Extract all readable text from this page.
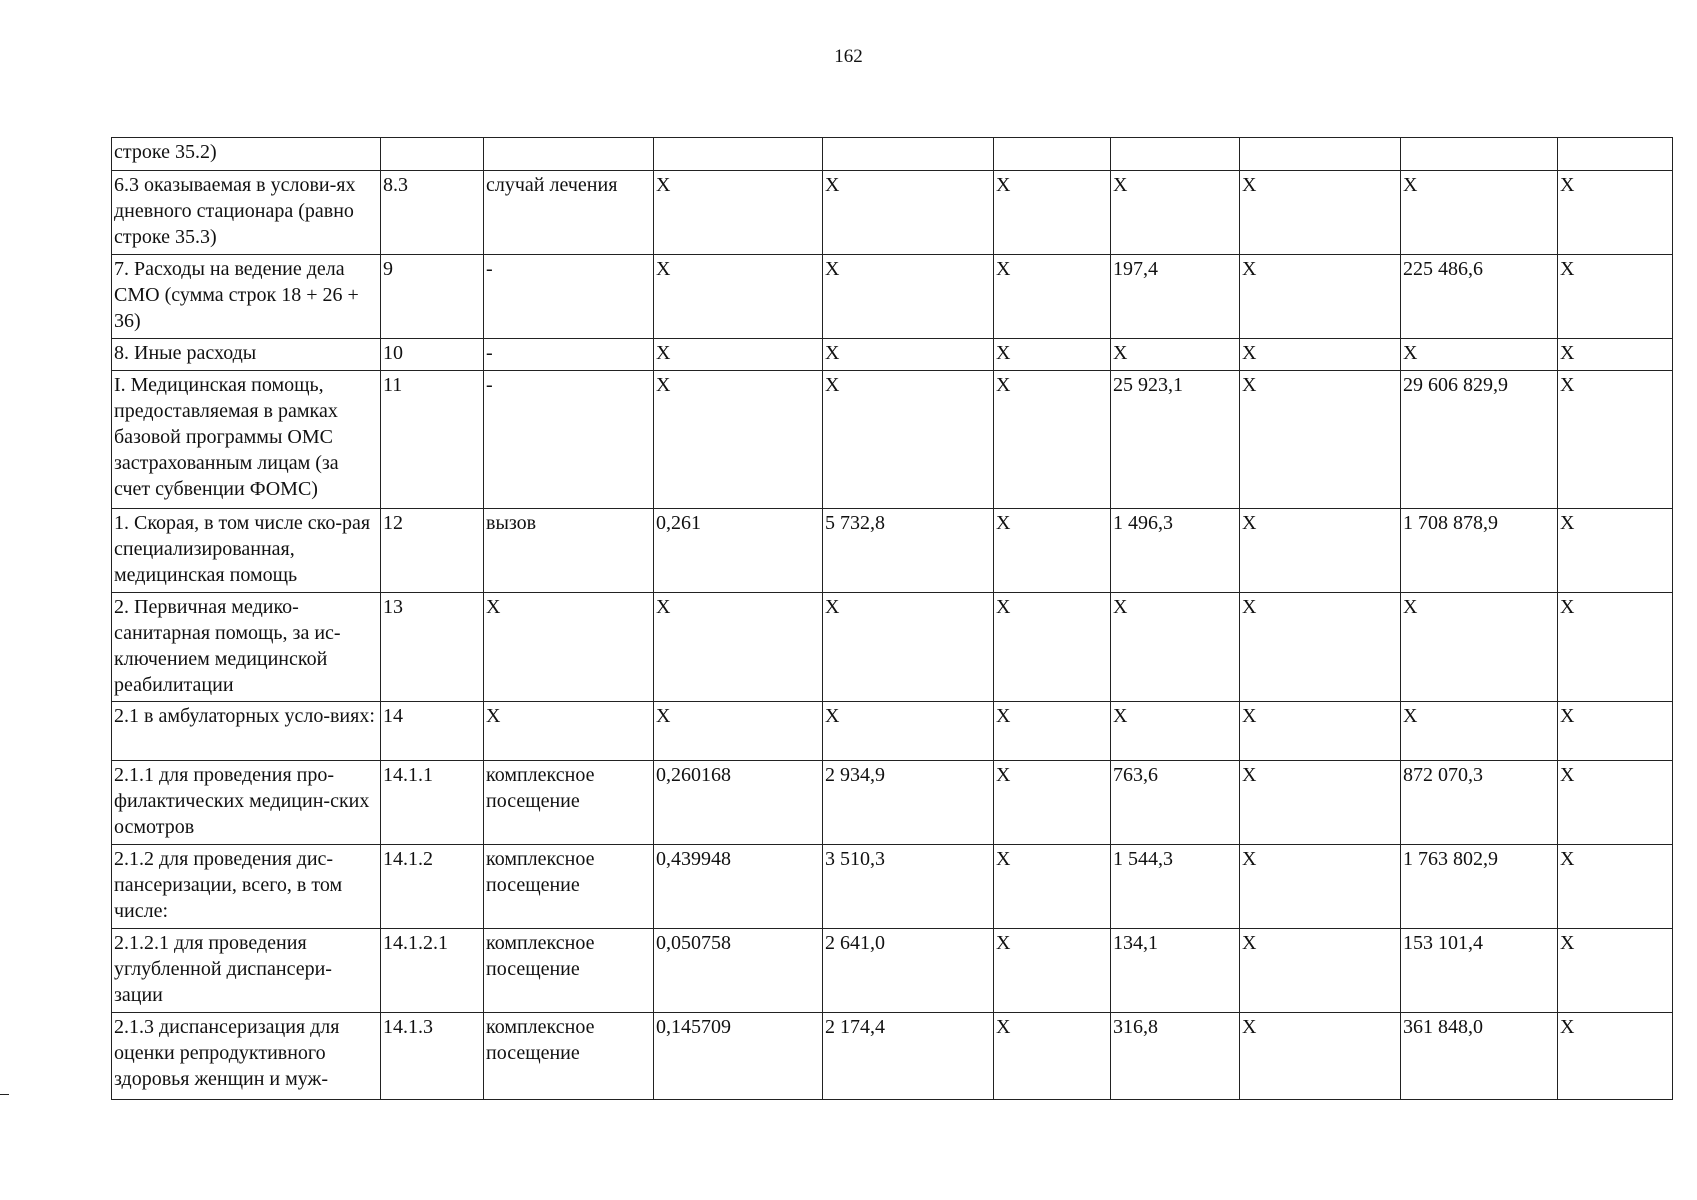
162
строке 35.2)									
6.3 оказываемая в услови-ях дневного стационара (равно строке 35.3)	8.3	случай лечения	X	X	X	X	X	X	X
7. Расходы на ведение дела СМО (сумма строк 18 + 26 + 36)	9	-	X	X	X	197,4	X	225 486,6	X
8. Иные расходы	10	-	X	X	X	X	X	X	X
I. Медицинская помощь, предоставляемая в рамках базовой программы ОМС застрахованным лицам (за счет субвенции ФОМС)	11	-	X	X	X	25 923,1	X	29 606 829,9	X
1. Скорая, в том числе ско-рая специализированная, медицинская помощь	12	вызов	0,261	5 732,8	X	1 496,3	X	1 708 878,9	X
2. Первичная медико-санитарная помощь, за ис-ключением медицинской реабилитации	13	X	X	X	X	X	X	X	X
2.1 в амбулаторных усло-виях:	14	X	X	X	X	X	X	X	X
2.1.1 для проведения про-филактических медицин-ских осмотров	14.1.1	комплексное посещение	0,260168	2 934,9	X	763,6	X	872 070,3	X
2.1.2 для проведения дис-пансеризации, всего, в том числе:	14.1.2	комплексное посещение	0,439948	3 510,3	X	1 544,3	X	1 763 802,9	X
2.1.2.1 для проведения углубленной диспансери-зации	14.1.2.1	комплексное посещение	0,050758	2 641,0	X	134,1	X	153 101,4	X
2.1.3 диспансеризация для оценки репродуктивного здоровья женщин и муж-	14.1.3	комплексное посещение	0,145709	2 174,4	X	316,8	X	361 848,0	X
